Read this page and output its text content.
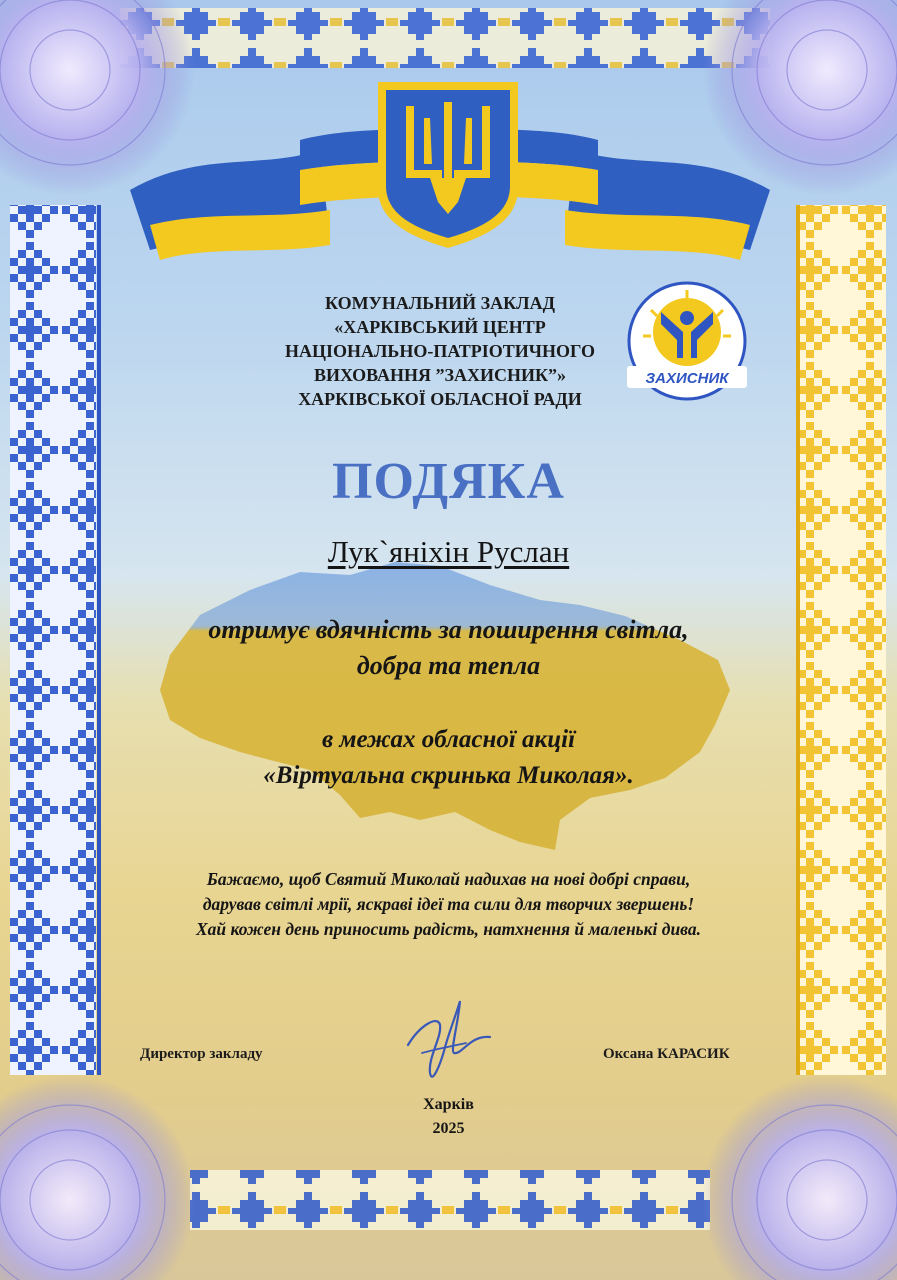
ЗАХИСНИК
КОМУНАЛЬНИЙ ЗАКЛАД
«ХАРКІВСЬКИЙ ЦЕНТР
НАЦІОНАЛЬНО-ПАТРІОТИЧНОГО
ВИХОВАННЯ ”ЗАХИСНИК”»
ХАРКІВСЬКОЇ ОБЛАСНОЇ РАДИ
ПОДЯКА
Лук`яніхін Руслан
отримує вдячність за поширення світла,
добра та тепла
в межах обласної акції
«Віртуальна скринька Миколая».
Бажаємо, щоб Святий Миколай надихав на нові добрі справи,
дарував світлі мрії, яскраві ідеї та сили для творчих звершень!
Хай кожен день приносить радість, натхнення й маленькі дива.
Директор закладу	Оксана КАРАСИК
Харків
2025
